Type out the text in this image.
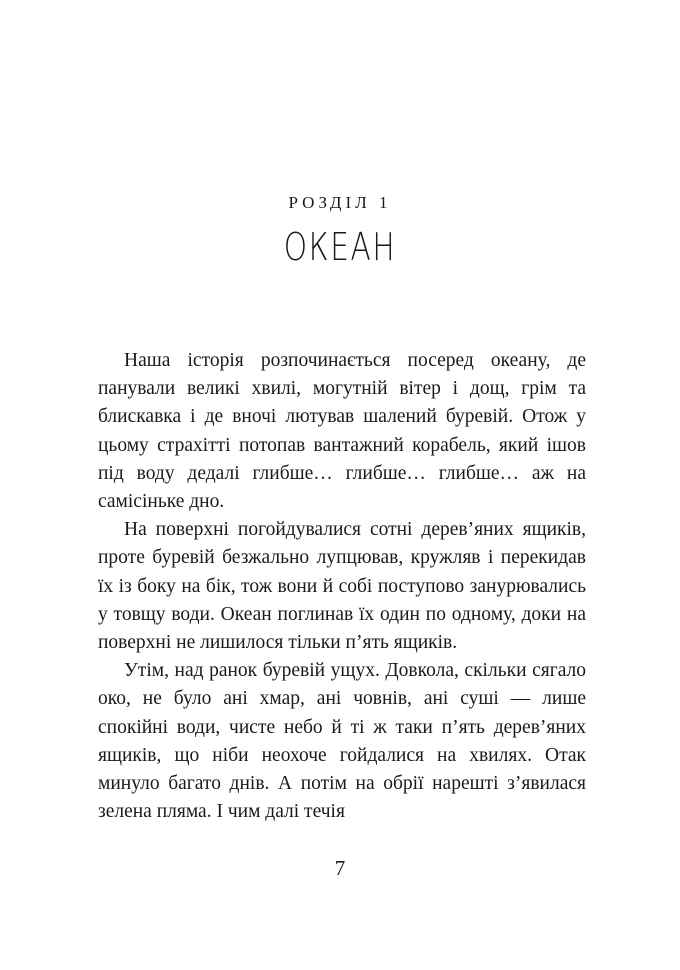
РОЗДІЛ 1
ОКЕАН

Наша історія розпочинається посеред океану, де панували великі хвилі, могутній вітер і дощ, грім та блискавка і де вночі лютував шалений буревій. Отож у цьому страхітті потопав вантажний корабель, який ішов під воду дедалі глибше… глибше… глибше… аж на самісіньке дно.

На поверхні погойдувалися сотні дерев’яних ящиків, проте буревій безжально лупцював, кружляв і перекидав їх із боку на бік, тож вони й собі поступово занурювались у товщу води. Океан поглинав їх один по одному, доки на поверхні не лишилося тільки п’ять ящиків.

Утім, над ранок буревій ущух. Довкола, скільки сягало око, не було ані хмар, ані човнів, ані суші — лише спокійні води, чисте небо й ті ж таки п’ять дерев’яних ящиків, що ніби неохоче гойдалися на хвилях. Отак минуло багато днів. А потім на обрії нарешті з’явилася зелена пляма. І чим далі течія

7
